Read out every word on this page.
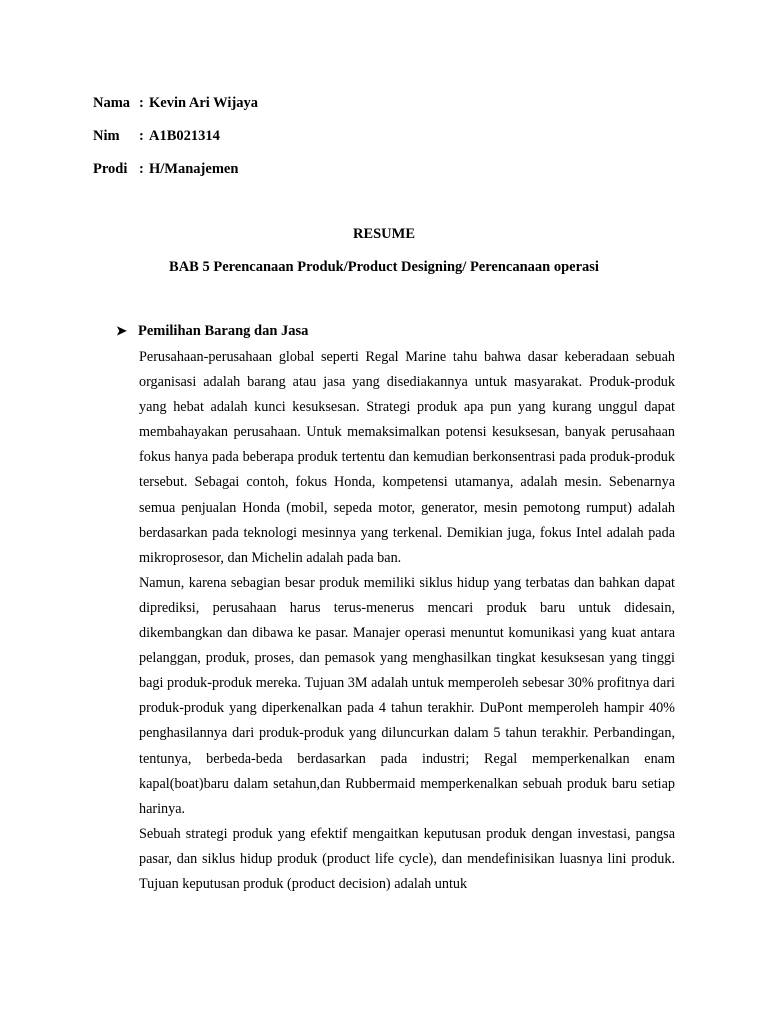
Nama : Kevin Ari Wijaya
Nim : A1B021314
Prodi : H/Manajemen
RESUME
BAB 5 Perencanaan Produk/Product Designing/ Perencanaan operasi
➤ Pemilihan Barang dan Jasa

Perusahaan-perusahaan global seperti Regal Marine tahu bahwa dasar keberadaan sebuah organisasi adalah barang atau jasa yang disediakannya untuk masyarakat. Produk-produk yang hebat adalah kunci kesuksesan. Strategi produk apa pun yang kurang unggul dapat membahayakan perusahaan. Untuk memaksimalkan potensi kesuksesan, banyak perusahaan fokus hanya pada beberapa produk tertentu dan kemudian berkonsentrasi pada produk-produk tersebut. Sebagai contoh, fokus Honda, kompetensi utamanya, adalah mesin. Sebenarnya semua penjualan Honda (mobil, sepeda motor, generator, mesin pemotong rumput) adalah berdasarkan pada teknologi mesinnya yang terkenal. Demikian juga, fokus Intel adalah pada mikroprosesor, dan Michelin adalah pada ban.

Namun, karena sebagian besar produk memiliki siklus hidup yang terbatas dan bahkan dapat diprediksi, perusahaan harus terus-menerus mencari produk baru untuk didesain, dikembangkan dan dibawa ke pasar. Manajer operasi menuntut komunikasi yang kuat antara pelanggan, produk, proses, dan pemasok yang menghasilkan tingkat kesuksesan yang tinggi bagi produk-produk mereka. Tujuan 3M adalah untuk memperoleh sebesar 30% profitnya dari produk-produk yang diperkenalkan pada 4 tahun terakhir. DuPont memperoleh hampir 40% penghasilannya dari produk-produk yang diluncurkan dalam 5 tahun terakhir. Perbandingan, tentunya, berbeda-beda berdasarkan pada industri; Regal memperkenalkan enam kapal(boat)baru dalam setahun,dan Rubbermaid memperkenalkan sebuah produk baru setiap harinya.

Sebuah strategi produk yang efektif mengaitkan keputusan produk dengan investasi, pangsa pasar, dan siklus hidup produk (product life cycle), dan mendefinisikan luasnya lini produk. Tujuan keputusan produk (product decision) adalah untuk
